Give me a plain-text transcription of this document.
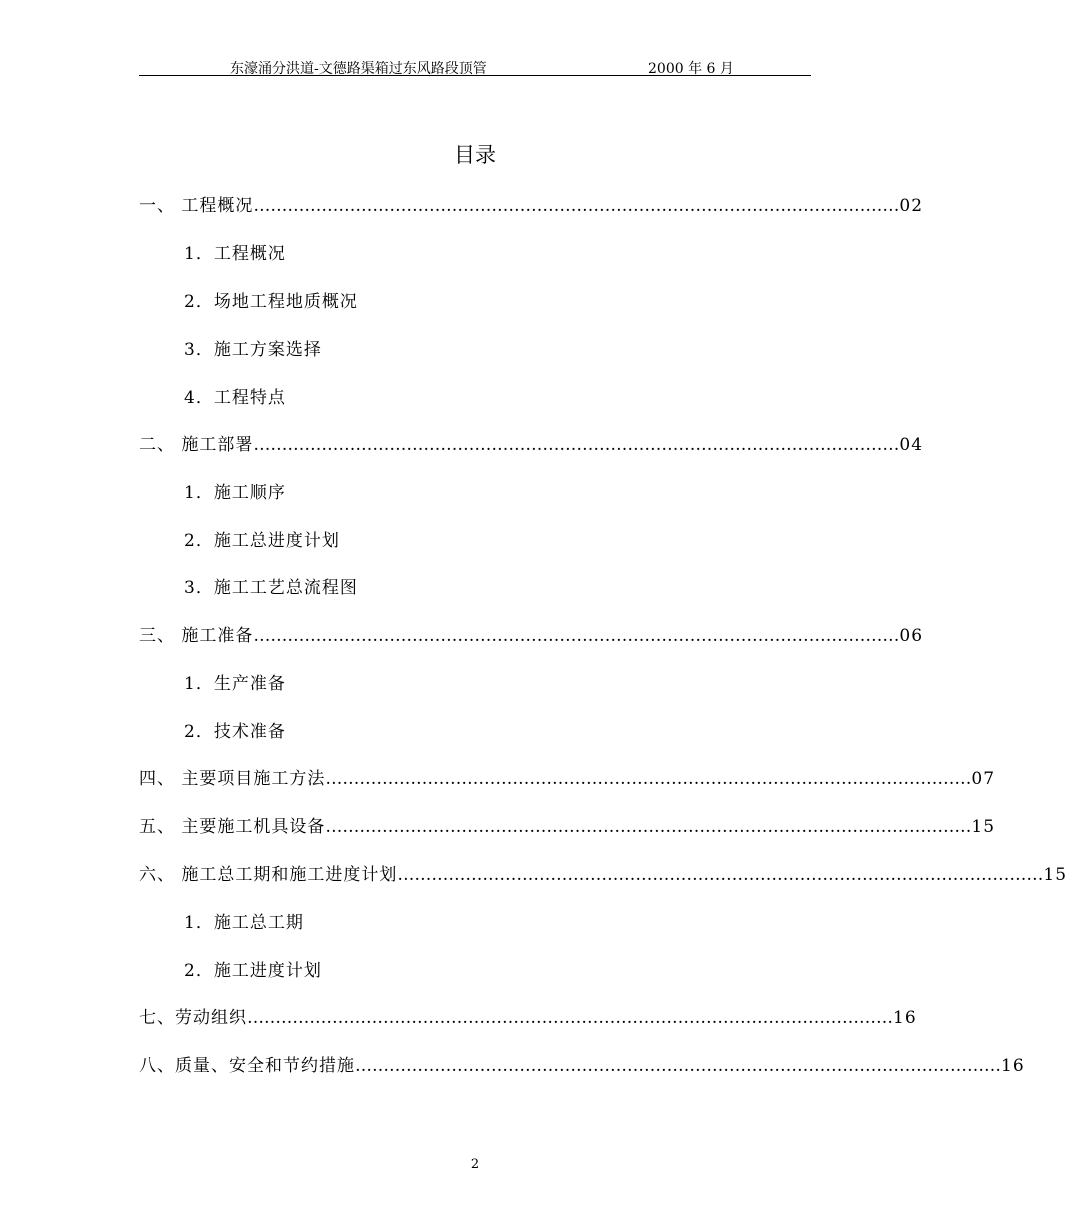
东濠涌分洪道-文德路渠箱过东风路段顶管	2000 年 6 月
目录
一、 工程概况 …………………………………………………………………………………………………… 02
1．工程概况
2．场地工程地质概况
3．施工方案选择
4．工程特点
二、 施工部署 …………………………………………………………………………………………………… 04
1．施工顺序
2．施工总进度计划
3．施工工艺总流程图
三、 施工准备 …………………………………………………………………………………………………… 06
1．生产准备
2．技术准备
四、 主要项目施工方法 …………………………………………………………………………………………………… 07
五、 主要施工机具设备 …………………………………………………………………………………………………… 15
六、 施工总工期和施工进度计划 …………………………………………………………………………………………………… 15
1．施工总工期
2．施工进度计划
七、劳动组织 …………………………………………………………………………………………………… 16
八、质量、安全和节约措施 …………………………………………………………………………………………………… 16
2
